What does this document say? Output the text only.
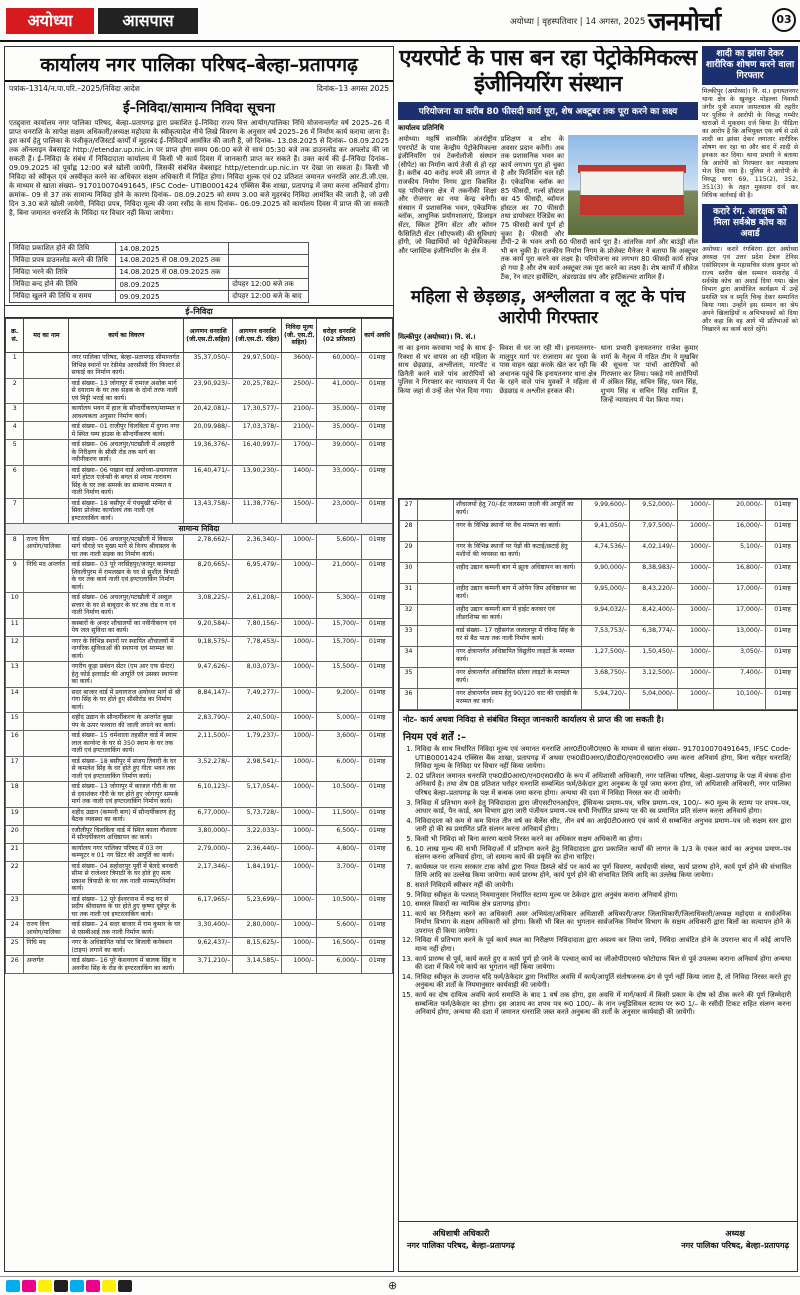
अयोध्या	आसपास	अयोध्या | वृहस्पतिवार | 14 अगस्त, 2025 जनमोर्चा	03
कार्यालय नगर पालिका परिषद–बेल्हा–प्रतापगढ़
पत्रांक–1314/न.पा.परि.–2025/निविदा आदेश	दिनांक–13 अगस्त 2025
ई–निविदा/सामान्य निविदा सूचना
एतद्द्वारा कार्यालय नगर पालिका परिषद, बेल्हा–प्रतापगढ़ द्वारा प्रकाशित ई–निविदा राज्य वित्त आयोग/पालिका निधि योजनान्तर्गत वर्ष 2025–26 में प्राप्त धनराशि के सापेक्ष सक्षम अधिकारी/अध्यक्ष महोदया के स्वीकृत्यादेश नीचे लिखे विवरण के अनुसार वर्ष 2025–26 में निर्माण कार्य कराया जाना है। इस कार्य हेतु पालिका के पंजीकृत/रजिस्टर्ड कार्यों में मुहरबंद ई–निविदायें आमंत्रित की जाती हैं, जो दिनांक– 13.08.2025 से दिनांक– 08.09.2025 तक ऑनलाइन वेबसाइट http://etendar.up.nic.in पर प्राप्त होगा समय 06:00 बजे से सायं 05:30 बजे तक डाउनलोड कर अपलोड की जा सकती हैं। ई–निविदा के संबंध में निविदादाता कार्यालय में किसी भी कार्य दिवस में जानकारी प्राप्त कर सकते हैं। उक्त कार्य की ई–निविदा दिनांक– 09.09.2025 को पूर्वाह्न 12:00 बजे खोली जायेगी, जिसकी संबंधित वेबसाइट http//etendr.up.nic.in पर देखा जा सकता है। किसी भी निविदा को स्वीकृत एवं अस्वीकृत करने का अधिकार सक्षम अधिकारी में निहित होगा। निविदा शुल्क एवं 02 प्रतिशत जमानत धनराशि आर.टी.जी.एस. के माध्यम से खाता संख्या– 917010070491645, IFSC Code- UTIB0001424 एक्सिस बैंक शाखा, प्रतापगढ़ में जमा करना अनिवार्य होगा। क्रमांक– 09 से 37 तक सामान्य निविदा होने के कारण दिनांक– 08.09.2025 को समय 3.00 बजे मुहरबंद निविदा आमंत्रित की जाती है, जो उसी दिन 3.30 बजे खोली जायेगी, निविदा प्रपत्र, निविदा मूल्य की जमा रसीद के साथ दिनांक– 06.09.2025 को कार्यालय दिवस में प्राप्त की जा सकती है, बिना जमानत धनराशि के निविदा पर विचार नहीं किया जायेगा।
निविदा प्रकाशित होने की तिथि	14.08.2025	
निविदा प्रपत्र डाउनलोड करने की तिथि	14.08.2025 से 08.09.2025 तक	
निविदा भरने की तिथि	14.08.2025 से 08.09.2025 तक	
निविदा बन्द होने की तिथि	08.09.2025	दोपहर 12:00 बजे तक
निविदा खुलने की तिथि व समय	09.09.2025	दोपहर 12:00 बजे के बाद
ई–निविदा
क्र. सं.	मद का नाम	कार्य का विवरण	आगणन धनराशि (जी.एस.टी.सहित)	आगणन धनराशि (जी.एस.टी. रहित)	निविदा मूल्य (जी. एस.टी. सहित)	धरोहर धनराशि (02 प्रतिशत)	कार्य अवधि
1		नगर पालिका परिषद, बेल्हा–प्रतापगढ़ सीमान्तर्गत विभिन्न स्थानों पर रेडीमेड आरसीसी रिंग फिल्टर से सफाई का निर्माण कार्य।	35,37,050/–	29,97,500/–	3600/–	60,000/–	01माह
2		वार्ड संख्या– 13 जोगापुर में रामाज अशोक मार्ग से दयाराम के घर तक सड़क के दोनों तरफ नाली एवं मिट्टी भराई का कार्य।	23,90,923/–	20,25,782/–	2500/–	41,000/–	01माह
3		कार्यालय भवन में हाल के सौन्दर्यीकरण/मरम्मत व आवश्यकता अनुसार निर्माण कार्य।	20,42,081/–	17,30,577/–	2100/–	35,000/–	01माह
4		वार्ड संख्या– 01 राजीपुर चिलबिला में दुगना नगर में स्थित पम्प हाउस के सौन्दर्यीकरण कार्य।	20,09,988/–	17,03,378/–	2100/–	35,000/–	01माह
5		वार्ड संख्या– 06 अचलपुर/पटखौली में अग्रहारी के निरीक्षण के सीसी रोड तक मार्ग का नवीनीकरण कार्य।	19,36,376/–	16,40,997/–	1700/–	39,000/–	01माह
6		वार्ड संख्या– 06 पखान वार्ड अयोध्या–प्रयागराज मार्ग होटल एजेन्सी के बगल से श्याम नारायण सिंह के घर तक सम्पर्क का सामान्य मरम्मत व नाली निर्माण कार्य।	16,40,471/–	13,90,230/–	1400/–	33,000/–	01माह
7		वार्ड संख्या– 18 बसीपुर में पंचमुखी मन्दिर से सिवा प्रोजेक्ट कार्यालय तक नाली एवं इण्टरलाकिंग कार्य।	13,43,758/–	11,38,776/–	1500/–	23,000/–	01माह
सामान्य निविदा							
8	राज्य वित्त आयोग/पालिका	वार्ड संख्या– 06 अचलपुर/पटखौली में विकास मार्ग चौराहे पर मुख्य मार्ग से विनय श्रीवास्तव के घर तक नाली सड़क का निर्माण कार्य।	2,78,662/–	2,36,340/–	1000/–	5,600/–	01माह
9	निधि मद अन्तर्गत	वार्ड संख्या– 03 पूरे नरसिंहपुर/जनपुर कामगढ़ा शिवलीपुरम में रामलखन के घर से सुशील त्रिपाठी के घर तक कार्य नाली एवं इण्टरलाकिंग निर्माण कार्य।	8,20,665/–	6,95,479/–	1000/–	21,000/–	01माह
10		वार्ड संख्या– 06 अचलपुर/पटखौली में अब्दुल सत्तार के घर से बाबूदार के घर तक रोड व ना व नाली निर्माण कार्य।	3,08,225/–	2,61,208/–	1000/–	5,300/–	01माह
11		कस्बारों के अन्दर शौचालयों का नवीनीकरण एवं पेय जल सुविधा का कार्य।	9,20,584/–	7,80,156/–	1000/–	15,700/–	01माह
12		नगर के विभिन्न स्थानों पर स्थापित शौचालयों में नागरिक सुविधाओं की स्थापना एवं मरम्मत का कार्य।	9,18,575/–	7,78,453/–	1000/–	15,700/–	01माह
13		नगरीय कूड़ा प्रबंधन सेंटर (एम आर एफ सेन्टर) हेतु फोर्ड इलराईट की आपूर्ति एवं उसका स्थापना का कार्य।	9,47,626/–	8,03,073/–	1000/–	15,500/–	01माह
14		सदर बाजार वार्ड में प्रयागराज अयोध्या मार्ग से श्री गंगा सिंह के घर होते हुए सीसीरोड का निर्माण कार्य।	8,84,147/–	7,49,277/–	1000/–	9,200/–	01माह
15		शहीद उद्यान के सौन्दर्यीकरण के अन्तर्गत बुखा पंप के ऊपर फव्वारा की जाली लगाने का कार्य।	2,83,790/–	2,40,500/–	1000/–	5,000/–	01माह
16		वार्ड संख्या– 15 धर्मशाला तहसील वार्ड में स्वाम लाल कान्वेन्ट के घर से 350 स्वाम के घर तक नाली एवं इण्टरलाकिंग कार्य।	2,11,500/–	1,79,237/–	1000/–	3,600/–	01माह
17		वार्ड संख्या– 18 बसीपुर में संजय तिवारी के घर से कमलेश सिंह के घर होते हुए गीता भवन तक नाली एवं इण्टरलाकिंग निर्माण कार्य।	3,52,278/–	2,98,541/–	1000/–	6,000/–	01माह
18		वार्ड संख्या– 13 जोगापुर में काजल गौरी के घर से दयाशंकर गौरी के घर होते हुए जोगापुर सम्पर्क मार्ग तक नाली एवं इण्टरलाकिंग निर्माण कार्य।	6,10,123/–	5,17,054/–	1000/–	10,500/–	01माह
19		शहीद उद्यान (कम्पनी बाग) में सौन्दर्यीकरण हेतु बैठक व्यवस्था का कार्य।	6,77,000/–	5,73,728/–	1000/–	11,500/–	01माह
20		रजौलीपुर चिलबिला वार्ड में स्थित काला गौशाला में सौन्दर्यीकरण अधिष्ठापन का कार्य।	3,80,000/–	3,22,033/–	1000/–	6,500/–	01माह
21		कार्यालय नगर पालिका परिषद में 03 नग कम्प्यूटर व 01 नग प्रिंटर की आपूर्ति का कार्य।	2,79,000/–	2,36,440/–	1000/–	4,800/–	01माह
22		वार्ड संख्या– 04 सहोदरपुर पूर्वी में बेलदे बनवारी सीमा से राजेश्वर त्रिपाठी के घर होते हुए सत्य प्रकाश त्रिपाठी के घर तक नाली मरम्मत/निर्माण कार्य।	2,17,346/–	1,84,191/–	1000/–	3,700/–	01माह
23		वार्ड संख्या– 12 पूरे ईश्वरनाथ में रूद्र घर से प्रदीप श्रीवास्तव के घर होते हुए कृष्णा दूबेपुर के घर तक नाली एवं इण्टरलाकिंग कार्य।	6,17,965/–	5,23,699/–	1000/–	10,500/–	01माह
24	राज्य वित्त आयोग/पालिका	वार्ड संख्या– 24 सदर बाजार में राम कुमार के घर से एसबीआई तक नाली निर्माण कार्य।	3,30,400/–	2,80,000/–	1000/–	5,600/–	01माह
25	निधि मद	नगर के अधिष्ठापित फोर्ड पर बिजली कनेक्शन (टाइप) लगाने का कार्य।	9,62,437/–	8,15,625/–	1000/–	16,500/–	01माह
26	अन्तर्गत	वार्ड संख्या– 16 पूरे केशवराय में बालक सिंह व अवनीश सिंह के रोड के इण्टरलाकिंग का कार्य।	3,71,210/–	3,14,585/–	1000/–	6,000/–	01माह
एयरपोर्ट के पास बन रहा पेट्रोकेमिकल्स इंजीनियरिंग संस्थान
परियोजना का करीब 80 फीसदी कार्य पूरा, शेष अक्टूबर तक पूरा करने का लक्ष्य
कार्यालय प्रतिनिधि
अयोध्या। महर्षि वाल्मीकि अंतर्राष्ट्रीय एयरपोर्ट के पास केन्द्रीय पेट्रोकेमिकल्स इंजीनियरिंग एवं टेक्नोलॉजी संस्थान (सीपेट) का निर्माण कार्य तेजी से हो रहा है। करीब 40 करोड़ रुपये की लागत से राजकीय निर्माण निगम द्वारा विकसित यह परियोजना क्षेत्र में तकनीकी शिक्षा और रोजगार का नया केन्द्र बनेगी। संस्थान में प्रशासनिक भवन, एकेडमिक ब्लॉक, आधुनिक प्रयोगशालाएं, डिजाइन सेंटर, स्किल ट्रेनिंग सेंटर और कॉमन फैसिलिटी सेंटर (सीएफसी) की सुविधाएं होंगी, जो विद्यार्थियों को पेट्रोकेमिकल्स और प्लास्टिक इंजीनियरिंग के क्षेत्र में
प्रशिक्षण व शोध के अवसर प्रदान करेंगी। अब तक प्रशासनिक भवन का कार्य लगभग पूरा हो चुका है और फिनिशिंग चल रही है। एकेडमिक ब्लॉक का 85 फीसदी, गर्ल्स हॉस्टल का 45 फीसदी, ब्वॉयज हॉस्टल का 70 फीसदी तथा डायरेक्टर रेजिडेंस का 75 फीसदी कार्य पूर्ण हो चुका है। फीसदी और टीपी–2 के भवन अभी 60 फीसदी कार्य पूरा है। आंतरिक मार्ग और बाउंड्री वॉल भी बन चुकी है। राजकीय निर्माण निगम के प्रोजेक्ट मैनेजर ने बताया कि अक्टूबर तक कार्य पूरा करने का लक्ष्य है। परियोजना का लगभग 80 फीसदी कार्य संपन्न हो गया है और शेष कार्य अक्टूबर तक पूरा करने का लक्ष्य है। शेष कार्यों में सीवेज टैंक, रेन वाटर हार्वेस्टिंग, अंडरग्राउंड संप और हार्टिकल्चर शामिल हैं।
महिला से छेड़छाड़, अश्लीलता व लूट के पांच आरोपी गिरफ्तार
मिल्कीपुर (अयोध्या)। नि. सं.।
ना का इनाम करवाया भाई के साथ ई–रिक्शा से घर वापस आ रही महिला के साथ छेड़छाड़, अश्लीलता, मारपीट व छिनैती करने वाले पांच आरोपियों को पुलिस ने गिरफ्तार कर न्यायालय में पेश किया जहां से उन्हें जेल भेज दिया गया।
विवश से घर जा रही थी। इनायतनगर–मालुपुर मार्ग पर राजाराम का पुरवा के पास वाहन खड़ा करके खेत कर रही कि अचानक पहुंचे कि इनायतनगर थाना क्षेत्र के रहने वाले पांच युवकों ने महिला से छेड़छाड़ व अश्लील हरकत की।
थाना प्रभारी इनायतनगर राजेश कुमार शर्मा के नेतृत्व में गठित टीम ने मुखबिर की सूचना पर पांचों आरोपियों को गिरफ्तार कर लिया। पकड़े गये आरोपियों में अंकित सिंह, सचिन सिंह, पवन सिंह, शुभम सिंह व सचिन सिंह शामिल हैं, जिन्हें न्यायालय में पेश किया गया।
शादी का झांसा देकर शारीरिक शोषण करने वाला गिरफ्तार
मिल्कीपुर (अयोध्या)। नि. सं.। इनायतनगर थाना क्षेत्र के खुनकुर मोहल्ला निवासी जंगीर पुत्री शमान जायतथाल की तहरीर पर पुलिस ने आरोपी के विरुद्ध गम्भीर धाराओं में मुकदमा दर्ज किया है। पीड़िता का आरोप है कि अभियुक्त एक वर्ष से उसे शादी का झांसा देकर लगातार शारीरिक शोषण कर रहा था और बाद में शादी से इनकार कर दिया। थाना प्रभारी ने बताया कि आरोपी को गिरफ्तार कर न्यायालय भेज दिया गया है। पुलिस ने आरोपी के विरुद्ध धारा 69, 115(2), 352, 351(3) के तहत मुकदमा दर्ज कर विधिक कार्रवाई की है।
करारे रंग. आरक्षक को मिला सर्वश्रेष्ठ कोच का अवार्ड
अयोध्या। करारे रंगबिरंगा इंटर अयोध्या अध्यक्ष एवं उत्तर प्रदेश टेबल टेनिस एसोसिएशन के महासचिव संजय कुमार को राज्य स्तरीय खेल सम्मान समारोह में सर्वश्रेष्ठ कोच का अवार्ड दिया गया। खेल विभाग द्वारा आयोजित कार्यक्रम में उन्हें प्रशस्ति पत्र व स्मृति चिन्ह देकर सम्मानित किया गया। उन्होंने इस सम्मान का श्रेय अपने खिलाड़ियों व अभिभावकों को दिया और कहा कि वह आगे भी प्रतिभाओं को निखारने का कार्य करते रहेंगे।
27		शौचालयों हेतु 70/-ईट जलसमा जाली की आपूर्ति का कार्य।	9,99,600/–	9,52,000/–	1000/–	20,000/–	01माह
28		नगर के विभिन्न स्थानों पर वैंच मरम्मत का कार्य।	9,41,050/–	7,97,500/–	1000/–	16,000/–	01माह
29		नगर के विभिन्न स्थानों पर पेड़ों की कटाई/छटाई हेतु मशीनों की व्यवस्था का कार्य।	4,74,536/–	4,02,149/–	1000/–	5,100/–	01माह
30		शहीद उद्यान कम्पनी बाग में झूला अधिष्ठापन का कार्य।	9,90,000/–	8,38,983/–	1000/–	16,800/–	01माह
31		शहीद उद्यान कम्पनी बाग में ओपेन जिम अधिष्ठापन का कार्य।	9,95,000/–	8,43,220/–	1000/–	17,000/–	01माह
32		शहीद उद्यान कम्पनी बाग में हाईट करवार एवं लीडरशिप्स का कार्य।	9,94,032/–	8,42,400/–	1000/–	17,000/–	01माह
33		वार्ड संख्या– 17 रहीसगंज जलालपुर में रविन्द्र सिंह के घर से बैठ पाता तक नाली निर्माण कार्य।	7,53,753/–	6,38,774/–	1000/–	13,000/–	01माह
34		नगर क्षेत्रान्तर्गत अधिष्ठापित विद्युतीय लाइटों के मरम्मत कार्य।	1,27,500/–	1,50,450/–	1000/–	3,050/–	01माह
35		नगर क्षेत्रान्तर्गत अधिष्ठापित सोलर लाइटों के मरम्मत कार्य।	3,68,750/–	3,12,500/–	1000/–	7,400/–	01माह
36		नगर क्षेत्रान्तर्गत स्वाम हेतु 90/120 वाट की एलईडी के मरम्मत का कार्य।	5,94,720/–	5,04,000/–	1000/–	10,100/–	01माह
नोट– कार्य अथवा निविदा से संबंधित विस्तृत जानकारी कार्यालय से प्राप्त की जा सकती है।
नियम एवं शर्तें :–
1. निविदा के साथ निर्धारित निविदा मूल्य एवं जमानत धनराशि आर0टी0जी0एस0 के माध्यम से खाता संख्या– 917010070491645, IFSC Code- UTIB0001424 एक्सिस बैंक शाखा, प्रतापगढ़ में अथवा एफ0डी0आर0/डी0डी0/एन0एस0सी0 जमा करना अनिवार्य होगा, बिना धरोहर धनराशि/निविदा मूल्य के निविदा पर विचार नहीं किया जायेगा।
2. 02 प्रतिशत जमानत धनराशि एफ0डी0आर0/एन0एस0सी0 के रूप में अधिशासी अधिकारी, नगर पालिका परिषद, बेल्हा–प्रतापगढ़ के पक्ष में बंधक होना अनिवार्य है। तथा शेष 08 प्रतिशत धरोहर धनराशि सम्बन्धित फर्म/ठेकेदार द्वारा अनुबन्ध के पूर्व जमा करना होगा, जो अधिशासी अधिकारी, नगर पालिका परिषद बेल्हा–प्रतापगढ़ के पक्ष में बन्धक जमा करना होगा। अन्यथा की दशा में निविदा निरस्त कर दी जायेगी।
3. निविदा में प्रतिभाग करने हेतु निविदादाता द्वारा जीएसटीएनआईएन, ईसियन्स प्रमाण–पत्र, चरित्र प्रमाण–पत्र, 100/– रू0 मूल्य के स्टाम्प पर शपथ–पत्र, आधार कार्ड, पैन कार्ड, श्रम विभाग द्वारा जारी पंजीयन प्रमाण–पत्र सभी निर्धारित प्रारूप पर की स्व प्रमाणित प्रति संलग्न करना अनिवार्य होगा।
4. निविदादाता को कम से कम विगत तीन वर्ष का बैलेंस सीट, तीन वर्ष का आई0टी0आर0 एवं कार्य से सम्बन्धित अनुभव प्रमाण–पत्र जो सक्षम स्तर द्वारा जारी हो की स्व प्रमाणित प्रति संलग्न करना अनिवार्य होगा।
5. किसी भी निविदा को बिना कारण बताये निरस्त करने का अधिकार सक्षम अधिकारी का होगा।
6. 10 लाख मूल्य की सभी निविदाओं में प्रतिभाग करने हेतु निविदादाता द्वारा प्रकाशित कार्यों की लागत के 1/3 के एकल कार्य का अनुभव प्रमाण–पत्र संलग्न करना अनिवार्य होगा, जो समान्य कार्य की प्रकृति का होना चाहिए।
7. कार्यस्थल पर राज्य सरकार टाक कोर्स द्वारा नियत डिस्प्ले बोर्ड पर कार्य का पूर्ण विवरण, कार्यदायी संस्था, कार्य प्रारम्भ होने, कार्य पूर्ण होने की संभावित तिथि आदि का उल्लेख किया जायेगा। कार्य प्रारम्भ होने, कार्य पूर्ण होने की संभावित तिथि आदि का उल्लेख किया जायेगा।
8. सशर्त निविदायें स्वीकार नहीं की जायेगी।
9. निविदा स्वीकृत के पश्चात् नियमानुसार निर्धारित स्टाम्प मूल्य पर ठेकेदार द्वारा अनुबंध कराना अनिवार्य होगा।
10. समस्त विवादों का न्यायिक क्षेत्र प्रतापगढ़ होगा।
11. कार्य का निरीक्षण करने का अधिकारी अवर अभियंता/अधिकार अधिशासी अधिकारी/अपर जिलाधिकारी/जिलाधिकारी/अध्यक्ष महोदया व सार्वजनिक निर्माण विभाग के सक्षम अधिकारी को होगा। किसी भी बिल का भुगतान सार्वजनिक निर्माण विभाग के सक्षम अधिकारी द्वारा बिलों का सत्यापन होने के उपरान्त ही किया जायेगा।
12. निविदा में प्रतिभाग करने के पूर्व कार्य स्थल का निरीक्षण निविदादाता द्वारा अवश्य कर लिया जाये, निविदा आवंटित होने के उपरान्त बाद में कोई आपत्ति मान्य नहीं होगा।
13. कार्य प्रारम्भ से पूर्व, कार्य करते हुए व कार्य पूर्ण हो जाने के पश्चात् कार्य का जीओपी0एस0 फोटोग्राफ बिल से पूर्व उपलब्ध कराना अनिवार्य होगा अन्यथा की दशा में किये गये कार्य का भुगतान नहीं किया जायेगा।
14. निविदा स्वीकृत के उपरान्त यदि फर्म/ठेकेदार द्वारा निर्धारित अवधि में कार्य/आपूर्ति संतोषजनक ढंग से पूर्ण नहीं किया जाता है, तो निविदा निरस्त करते हुए अनुबन्ध की शर्तों के नियमानुसार कार्यवाही की जायेगी।
15. कार्य का दोष दायित्व अवधि कार्य समाप्ति के बाद 1 वर्ष तक होगा, इस अवधि में मार्ग/कार्य में किसी प्रकार के दोष को ठीक करने की पूर्ण जिम्मेदारी सम्बन्धित फर्म/ठेकेदार का होगा। इस आशय का शपथ पत्र रू0 100/– के नान ज्यूडिसियल स्टाम्प पर रू0 1/– के रसीदी टिकट सहित संलग्न करना अनिवार्य होगा, अन्यथा की दशा में जमानत धनराशि जब्त करते अनुबन्ध की शर्तों के अनुसार कार्यवाही की जायेगी।
अधिशाषी अधिकारी
नगर पालिका परिषद, बेल्हा–प्रतापगढ़
अध्यक्ष
नगर पालिका परिषद, बेल्हा–प्रतापगढ़
⊕
